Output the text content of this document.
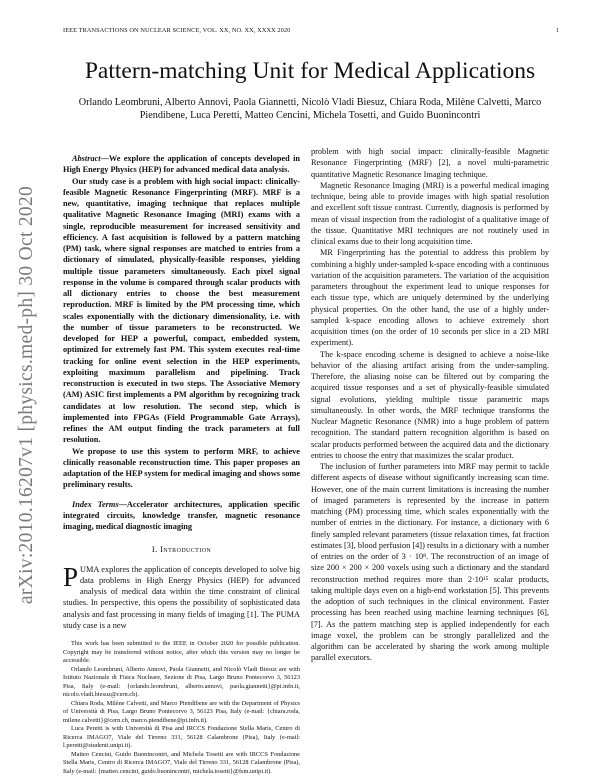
IEEE TRANSACTIONS ON NUCLEAR SCIENCE, VOL. XX, NO. XX, XXXX 2020	1
arXiv:2010.16207v1 [physics.med-ph] 30 Oct 2020
Pattern-matching Unit for Medical Applications
Orlando Leombruni, Alberto Annovi, Paola Giannetti, Nicolò Vladi Biesuz, Chiara Roda, Milène Calvetti, Marco Piendibene, Luca Peretti, Matteo Cencini, Michela Tosetti, and Guido Buonincontri

Abstract—We explore the application of concepts developed in High Energy Physics (HEP) for advanced medical data analysis.

Our study case is a problem with high social impact: clinically-feasible Magnetic Resonance Fingerprinting (MRF). MRF is a new, quantitative, imaging technique that replaces multiple qualitative Magnetic Resonance Imaging (MRI) exams with a single, reproducible measurement for increased sensitivity and efficiency. A fast acquisition is followed by a pattern matching (PM) task, where signal responses are matched to entries from a dictionary of simulated, physically-feasible responses, yielding multiple tissue parameters simultaneously. Each pixel signal response in the volume is compared through scalar products with all dictionary entries to choose the best measurement reproduction. MRF is limited by the PM processing time, which scales exponentially with the dictionary dimensionality, i.e. with the number of tissue parameters to be reconstructed. We developed for HEP a powerful, compact, embedded system, optimized for extremely fast PM. This system executes real-time tracking for online event selection in the HEP experiments, exploiting maximum parallelism and pipelining. Track reconstruction is executed in two steps. The Associative Memory (AM) ASIC first implements a PM algorithm by recognizing track candidates at low resolution. The second step, which is implemented into FPGAs (Field Programmable Gate Arrays), refines the AM output finding the track parameters at full resolution.

We propose to use this system to perform MRF, to achieve clinically reasonable reconstruction time. This paper proposes an adaptation of the HEP system for medical imaging and shows some preliminary results.

Index Terms—Accelerator architectures, application specific integrated circuits, knowledge transfer, magnetic resonance imaging, medical diagnostic imaging

I. Introduction

PUMA explores the application of concepts developed to solve big data problems in High Energy Physics (HEP) for advanced analysis of medical data within the time constraint of clinical studies. In perspective, this opens the possibility of sophisticated data analysis and fast processing in many fields of imaging [1]. The PUMA study case is a new

This work has been submitted to the IEEE in October 2020 for possible publication. Copyright may be transferred without notice, after which this version may no longer be accessible.

Orlando Leombruni, Alberto Annovi, Paola Giannetti, and Nicolò Vladi Biesuz are with Istituto Nazionale di Fisica Nucleare, Sezione di Pisa, Largo Bruno Pontecorvo 3, 56123 Pisa, Italy (e-mail: {orlando.leombruni, alberto.annovi, paola.giannetti}@pi.infn.it, nicolo.vladi.biesuz@cern.ch).

Chiara Roda, Milène Calvetti, and Marco Piendibene are with the Department of Physics of Università di Pisa, Largo Bruno Pontecorvo 3, 56123 Pisa, Italy (e-mail: {chiara.roda, milene.calvetti}@cern.ch, marco.piendibene@pi.infn.it).

Luca Peretti is with Università di Pisa and IRCCS Fondazione Stella Maris, Centro di Ricerca IMAGO7, Viale del Tirreno 331, 56128 Calambrone (Pisa), Italy (e-mail: l.peretti@studenti.unipi.it).

Matteo Cencini, Guido Buonincontri, and Michela Tosetti are with IRCCS Fondazione Stella Maris, Centro di Ricerca IMAGO7, Viale del Tirreno 331, 56128 Calambrone (Pisa), Italy (e-mail: {matteo.cencini, guido.buonincontri, michela.tosetti}@fsm.unipi.it).

problem with high social impact: clinically-feasible Magnetic Resonance Fingerprinting (MRF) [2], a novel multi-parametric quantitative Magnetic Resonance Imaging technique.

Magnetic Resonance Imaging (MRI) is a powerful medical imaging technique, being able to provide images with high spatial resolution and excellent soft tissue contrast. Currently, diagnosis is performed by mean of visual inspection from the radiologist of a qualitative image of the tissue. Quantitative MRI techniques are not routinely used in clinical exams due to their long acquisition time.

MR Fingerprinting has the potential to address this problem by combining a highly under-sampled k-space encoding with a continuous variation of the acquisition parameters. The variation of the acquisition parameters throughout the experiment lead to unique responses for each tissue type, which are uniquely determined by the underlying physical properties. On the other hand, the use of a highly under-sampled k-space encoding allows to achieve extremely short acquisition times (on the order of 10 seconds per slice in a 2D MRI experiment).

The k-space encoding scheme is designed to achieve a noise-like behavior of the aliasing artifact arising from the under-sampling. Therefore, the aliasing noise can be filtered out by comparing the acquired tissue responses and a set of physically-feasible simulated signal evolutions, yielding multiple tissue parametric maps simultaneously. In other words, the MRF technique transforms the Nuclear Magnetic Resonance (NMR) into a huge problem of pattern recognition. The standard pattern recognition algorithm is based on scalar products performed between the acquired data and the dictionary entries to choose the entry that maximizes the scalar product.

The inclusion of further parameters into MRF may permit to tackle different aspects of disease without significantly increasing scan time. However, one of the main current limitations is increasing the number of imaged parameters is represented by the increase in pattern matching (PM) processing time, which scales exponentially with the number of entries in the dictionary. For instance, a dictionary with 6 finely sampled relevant parameters (tissue relaxation times, fat fraction estimates [3], blood perfusion [4]) results in a dictionary with a number of entries on the order of 3 · 10⁸. The reconstruction of an image of size 200 × 200 × 200 voxels using such a dictionary and the standard reconstruction method requires more than 2·10¹⁵ scalar products, taking multiple days even on a high-end workstation [5]. This prevents the adoption of such techniques in the clinical environment. Faster processing has been reached using machine learning techniques [6], [7]. As the pattern matching step is applied independently for each image voxel, the problem can be strongly parallelized and the algorithm can be accelerated by sharing the work among multiple parallel executors.
